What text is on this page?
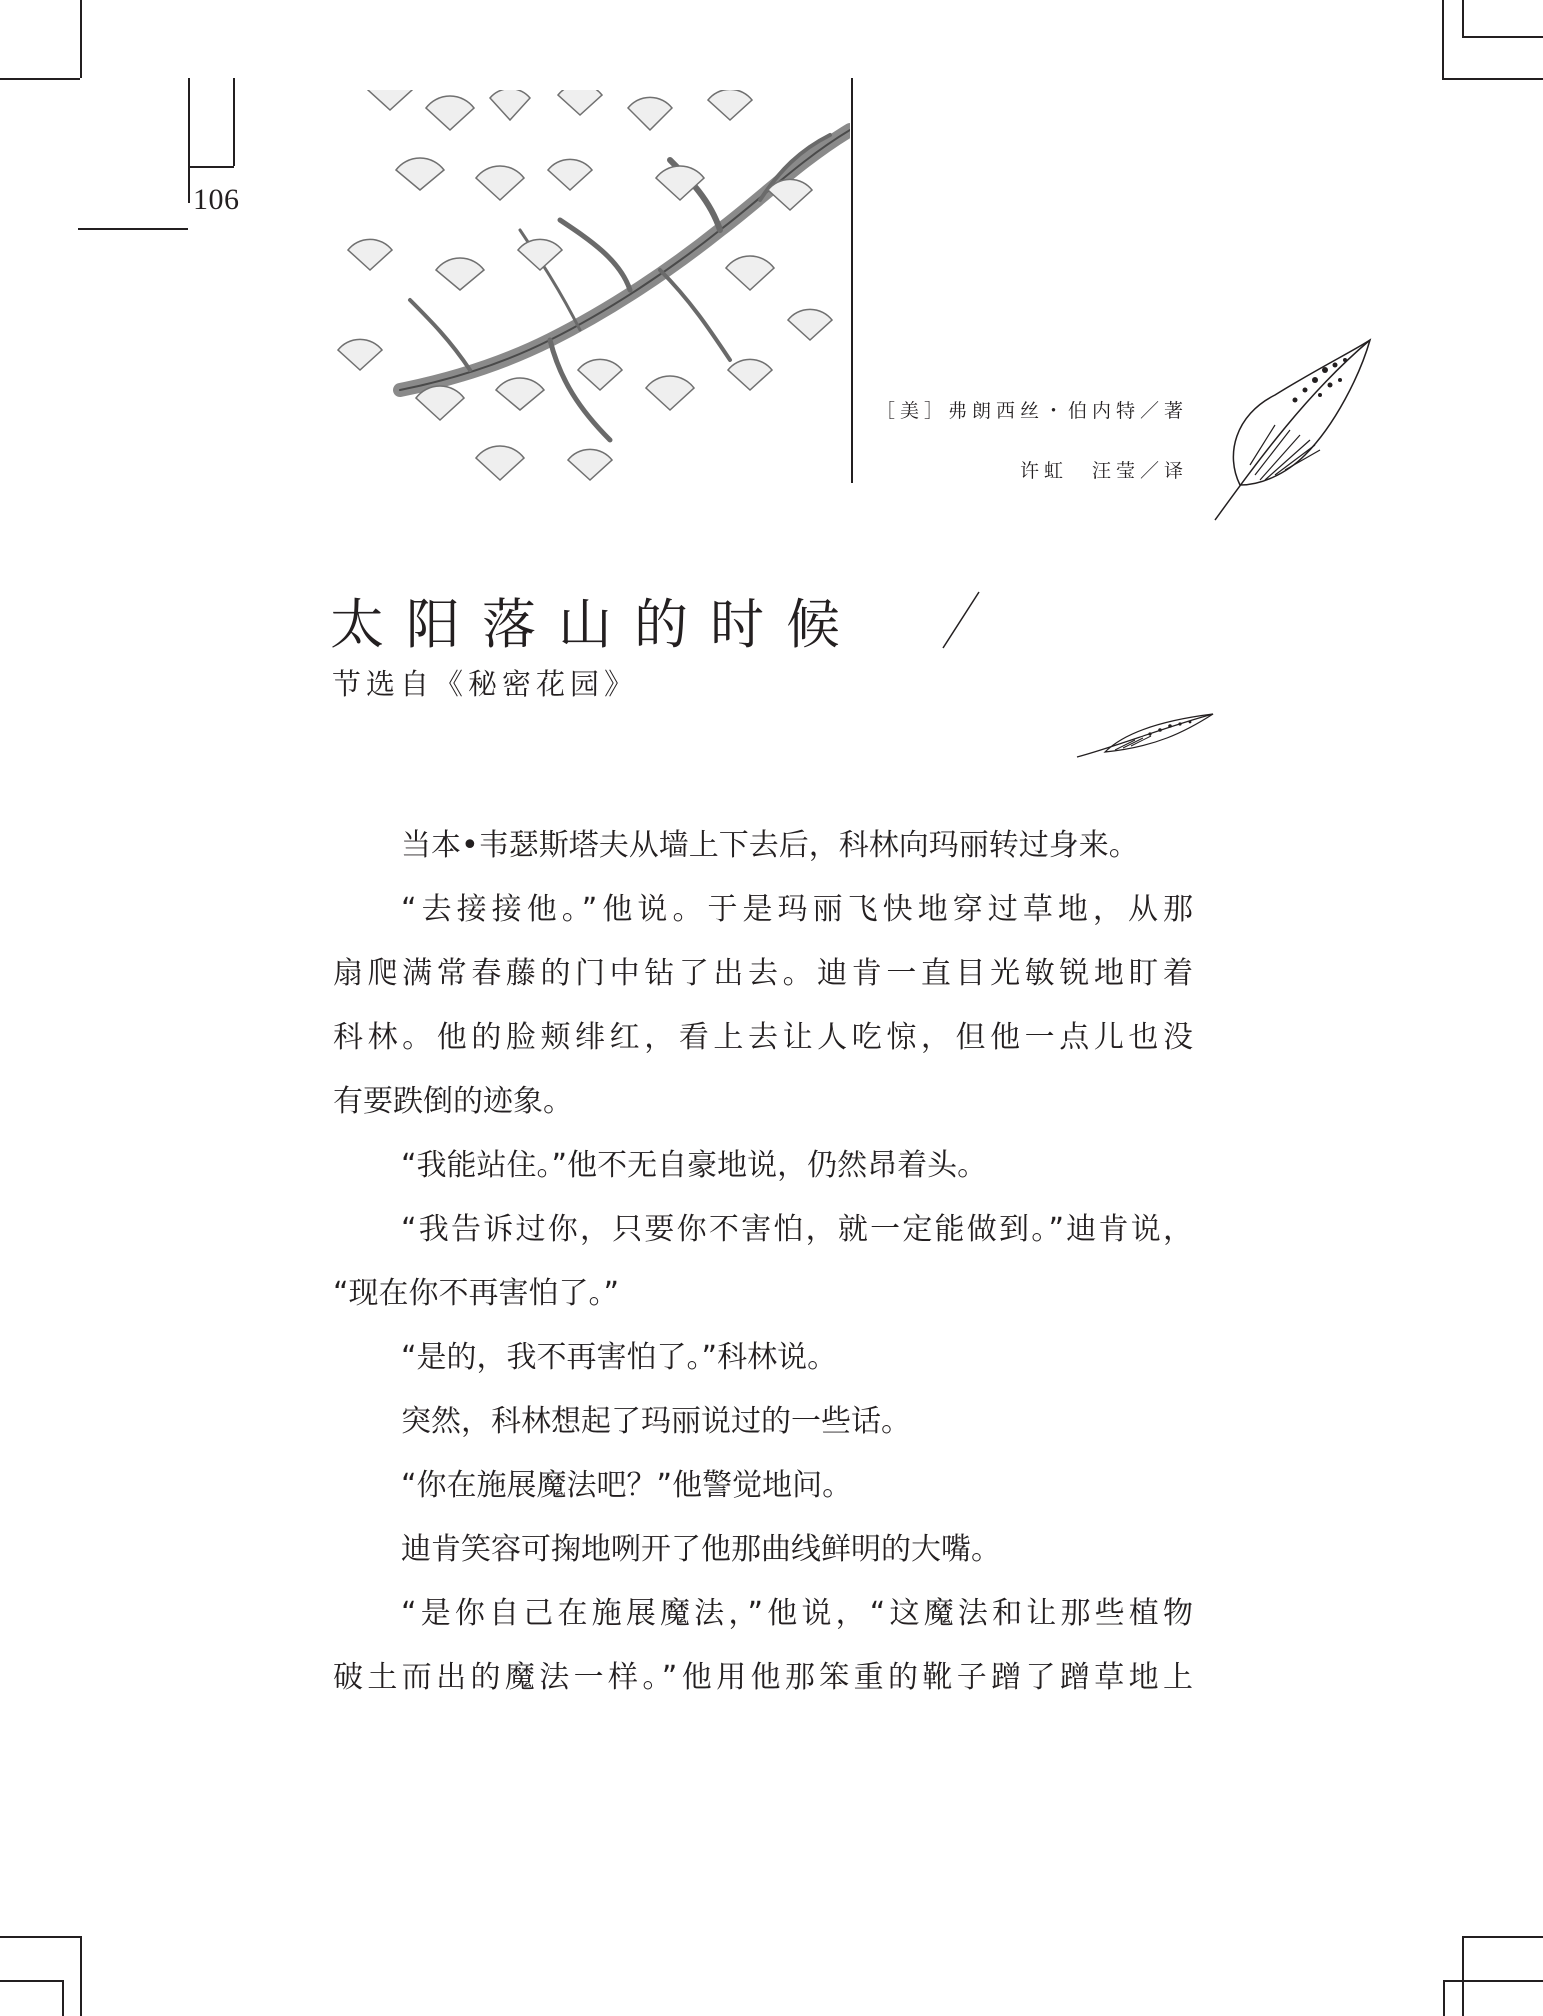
106
［美］弗朗西丝・伯内特／著
许虹　汪莹／译
太阳落山的时候
节选自《秘密花园》
当本•韦瑟斯塔夫从墙上下去后，科林向玛丽转过身来。
“去接接他。”他说。于是玛丽飞快地穿过草地，从那
扇爬满常春藤的门中钻了出去。迪肯一直目光敏锐地盯着
科林。他的脸颊绯红，看上去让人吃惊，但他一点儿也没
有要跌倒的迹象。
“我能站住。”他不无自豪地说，仍然昂着头。
“我告诉过你，只要你不害怕，就一定能做到。”迪肯说，
“现在你不再害怕了。”
“是的，我不再害怕了。”科林说。
突然，科林想起了玛丽说过的一些话。
“你在施展魔法吧？”他警觉地问。
迪肯笑容可掬地咧开了他那曲线鲜明的大嘴。
“是你自己在施展魔法，”他说，“这魔法和让那些植物
破土而出的魔法一样。”他用他那笨重的靴子蹭了蹭草地上
